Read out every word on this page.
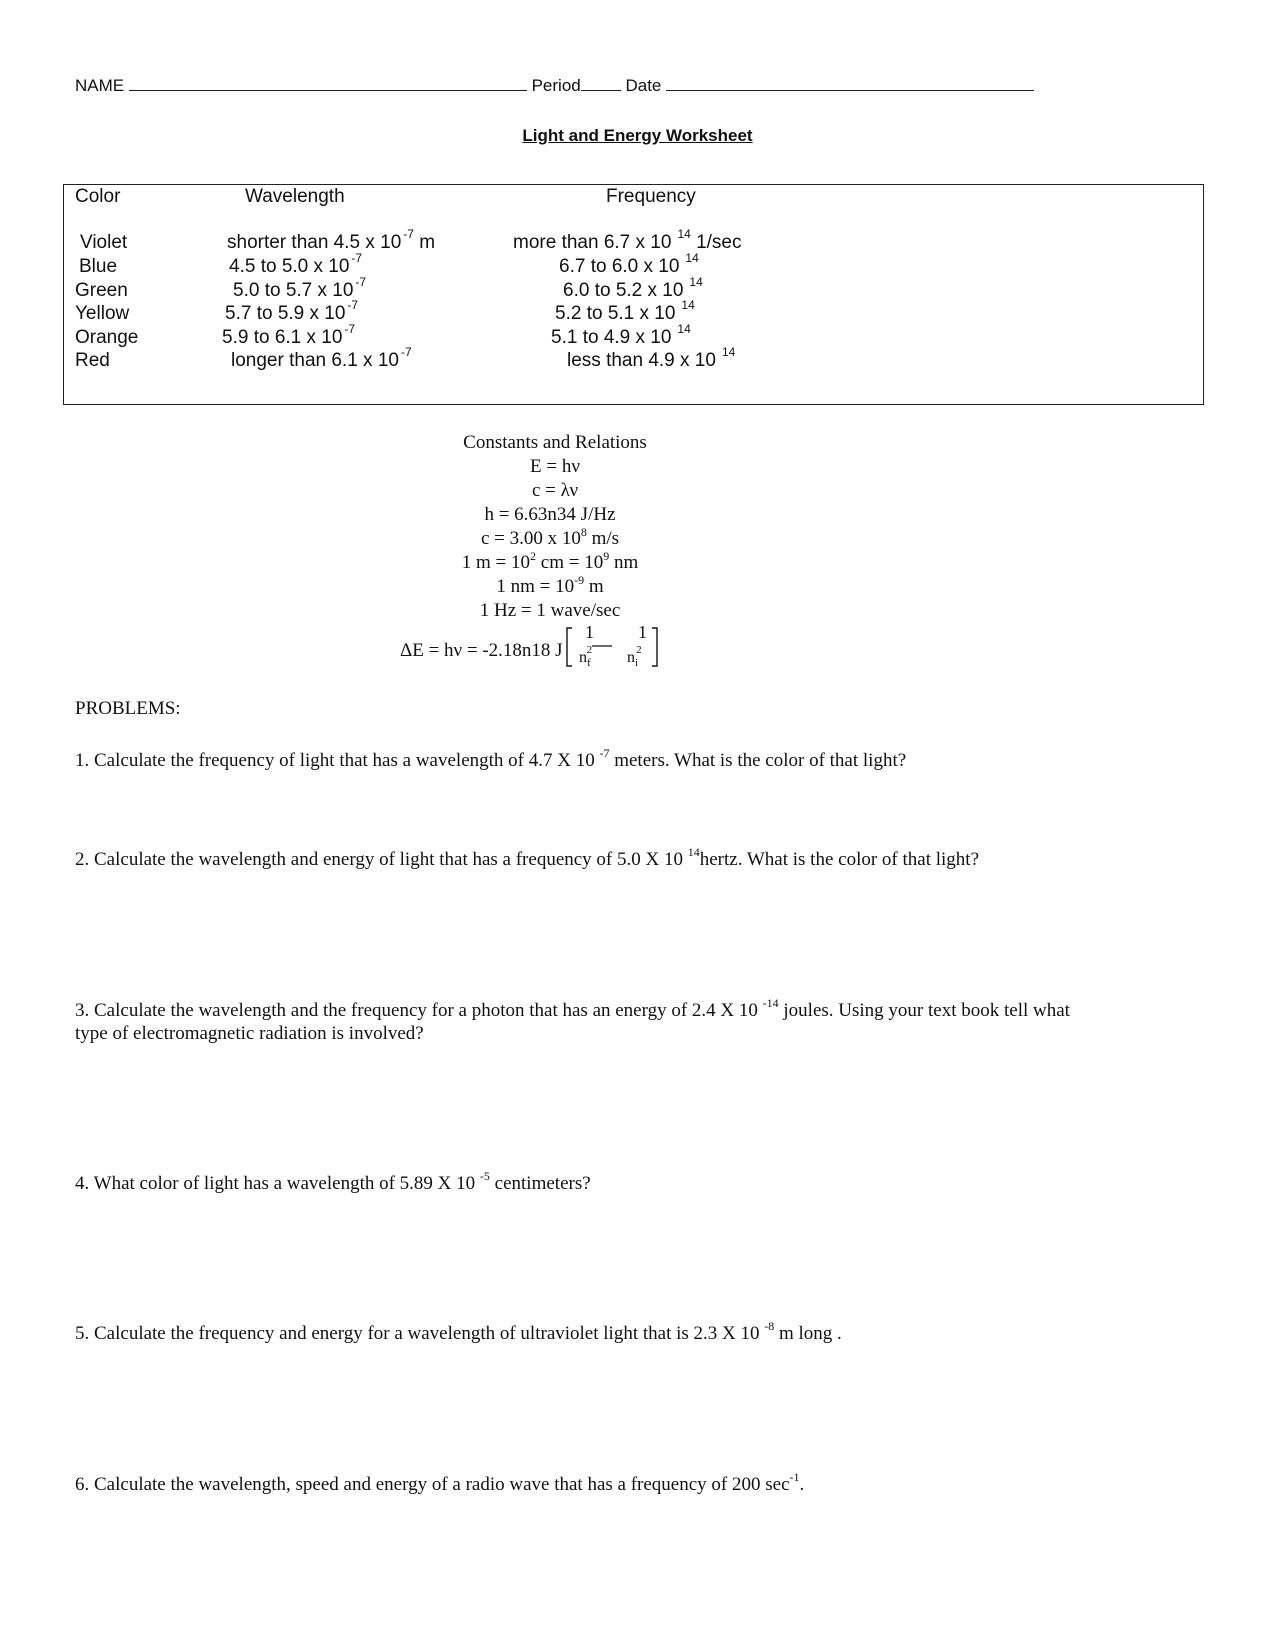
NAME	Period	Date
Light and Energy Worksheet
Color	Wavelength	Frequency
Violet	shorter than 4.5 x 10 $^{-7}$ m	more than 6.7 x 10 $^{14}$ 1/sec
Blue	4.5 to 5.0 x 10 $^{-7}$	6.7 to 6.0 x 10 $^{14}$
Green	5.0 to 5.7 x 10 $^{-7}$	6.0 to 5.2 x 10 $^{14}$
Yellow	5.7 to 5.9 x 10 $^{-7}$	5.2 to 5.1 x 10 $^{14}$
Orange	5.9 to 6.1 x 10 $^{-7}$	5.1 to 4.9 x 10 $^{14}$
Red	longer than 6.1 x 10 $^{-7}$	less than 4.9 x 10 $^{14}$
Constants and Relations
E = hν
c = λν
h = 6.63n34 J/Hz
c = 3.00 x $10^8$ m/s
1 $m = 10^2$ cm = $10^9$ nm
1 nm = $10^{-9}$ m
1 Hz = 1 wave/sec
ΔE = hν = -2.18n18 J
1 1
$n_f^2$ $n_i^2$
PROBLEMS:
1. Calculate the frequency of light that has a wavelength of 4.7 X 10 $^{-7}$ meters. What is the color of that light?
2. Calculate the wavelength and energy of light that has a frequency of 5.0 X 10 $^{14}$hertz. What is the color of that light?
3. Calculate the wavelength and the frequency for a photon that has an energy of 2.4 X 10 $^{-14}$ joules. Using your text book tell what
type of electromagnetic radiation is involved?
4. What color of light has a wavelength of 5.89 X 10 $^{-5}$ centimeters?
5. Calculate the frequency and energy for a wavelength of ultraviolet light that is 2.3 X 10 $^{-8}$ m long .
6. Calculate the wavelength, speed and energy of a radio wave that has a frequency of 200 $\sec^{-1}$.
